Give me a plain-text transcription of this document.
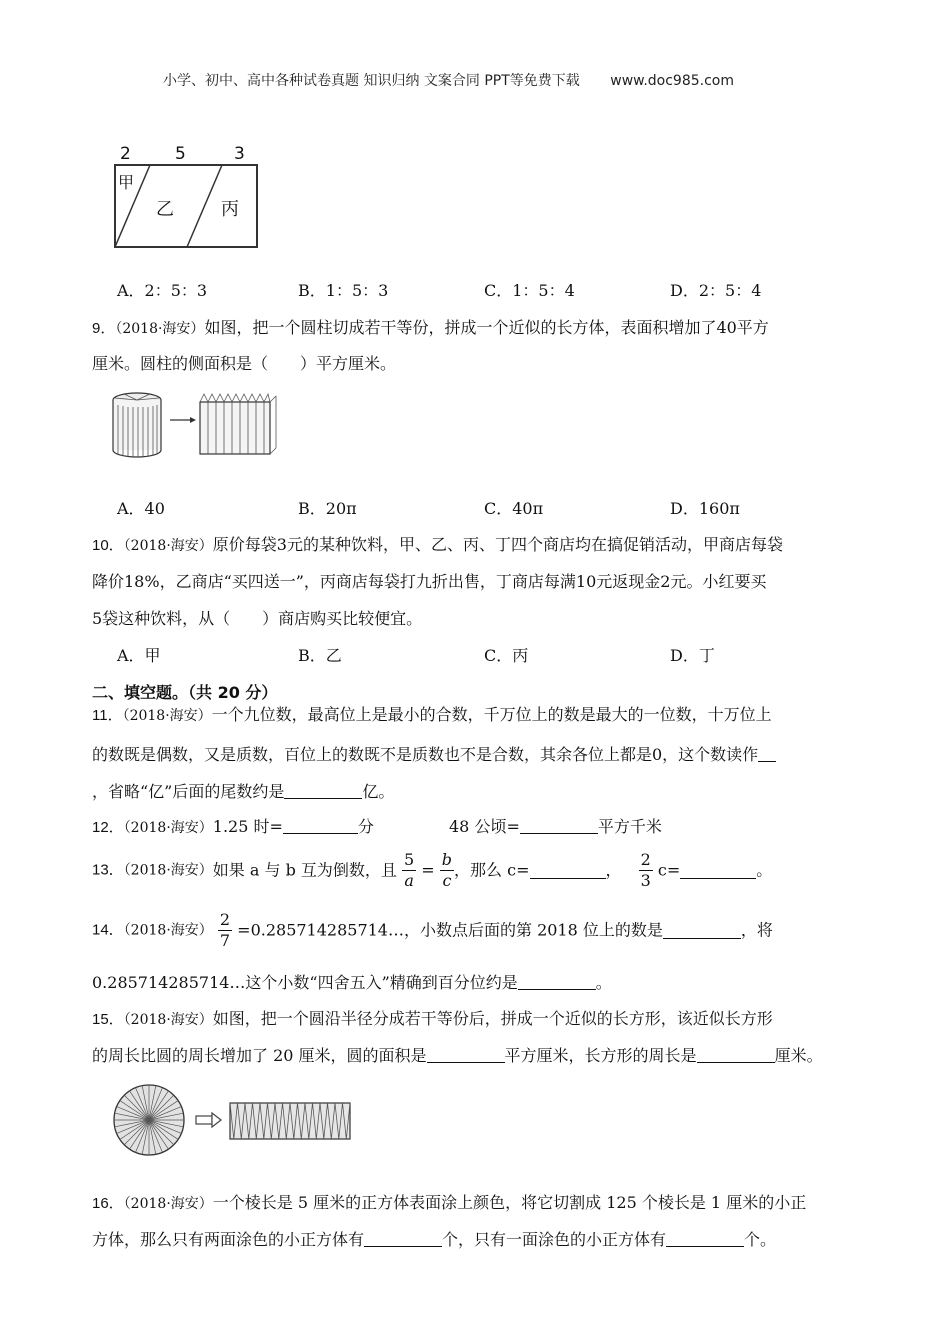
小学、初中、高中各种试卷真题 知识归纳 文案合同 PPT等免费下载 www.doc985.com
2	5	3
甲
乙	丙
A．2：5：3	B．1：5：3	C．1：5：4	D．2：5：4
9．（2018·海安）如图，把一个圆柱切成若干等份，拼成一个近似的长方体，表面积增加了40平方
厘米。圆柱的侧面积是（　　）平方厘米。
A．40	B．20π	C．40π	D．160π
10．（2018·海安）原价每袋3元的某种饮料，甲、乙、丙、丁四个商店均在搞促销活动，甲商店每袋
降价18%，乙商店“买四送一”，丙商店每袋打九折出售，丁商店每满10元返现金2元。小红要买
5袋这种饮料，从（　　）商店购买比较便宜。
A．甲	B．乙	C．丙	D．丁
二、填空题。（共 20 分）
11．（2018·海安）一个九位数，最高位上是最小的合数，千万位上的数是最大的一位数，十万位上
的数既是偶数，又是质数，百位上的数既不是质数也不是合数，其余各位上都是0，这个数读作
，省略“亿”后面的尾数约是	亿。
12．（2018·海安）1.25 时=	分	48 公顷=	平方千米
13．（2018·海安）如果 a 与 b 互为倒数，且 $\frac{5}{a} = \frac{b}{c}$ ，那么 c=	， $\frac{2}{3} c=$	。
14．（2018·海安） $\frac{2}{7}$ =0.285714285714…，小数点后面的第 2018 位上的数是	，将
0.285714285714…这个小数“四舍五入”精确到百分位约是	。
15．（2018·海安）如图，把一个圆沿半径分成若干等份后，拼成一个近似的长方形，该近似长方形
的周长比圆的周长增加了 20 厘米，圆的面积是	平方厘米，长方形的周长是	厘米。
16．（2018·海安）一个棱长是 5 厘米的正方体表面涂上颜色，将它切割成 125 个棱长是 1 厘米的小正
方体，那么只有两面涂色的小正方体有	个，只有一面涂色的小正方体有	个。
